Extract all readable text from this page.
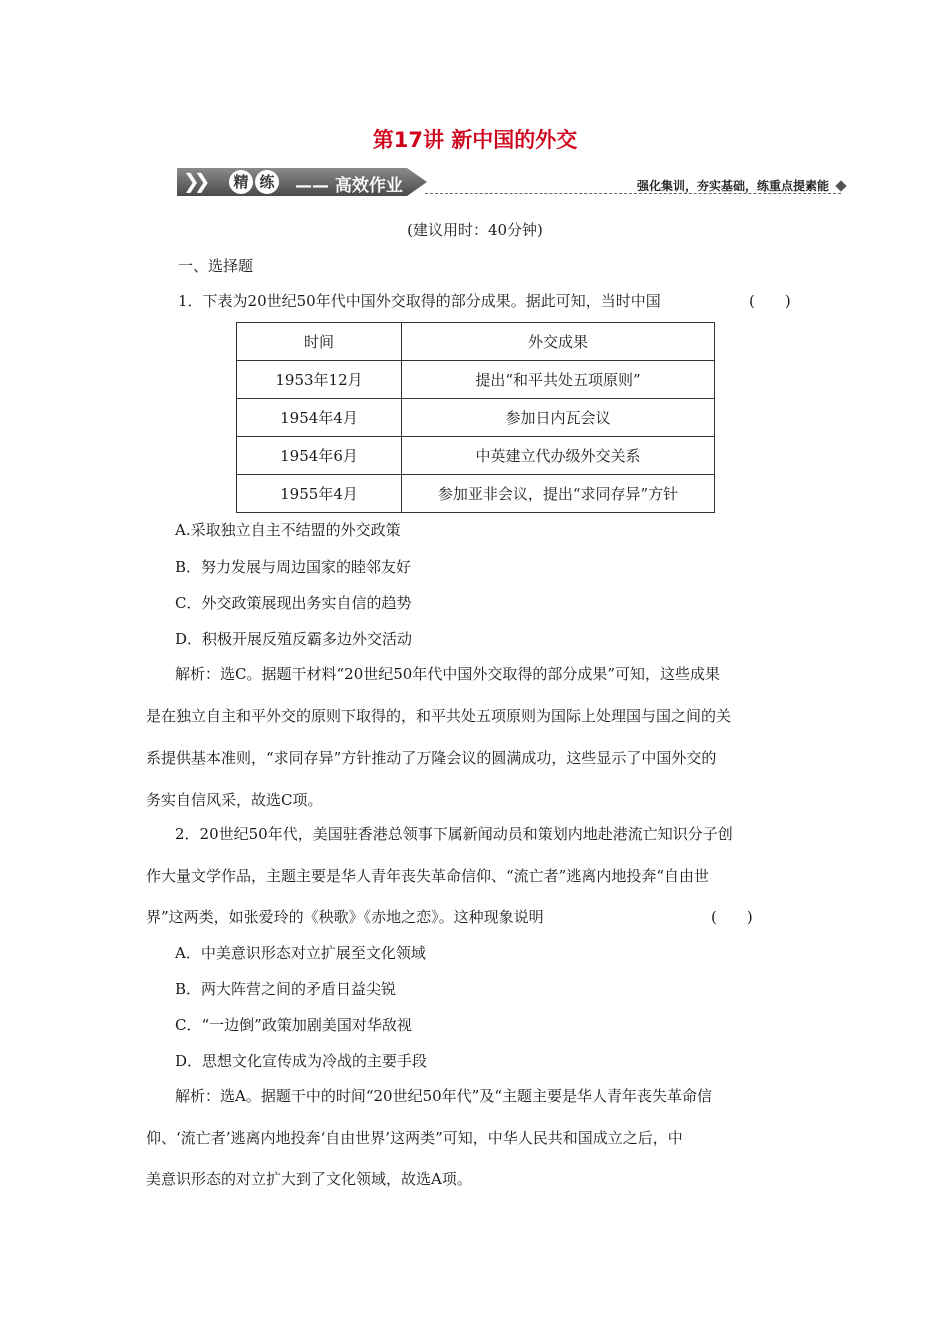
第17讲 新中国的外交
❯❯ 精 练 —— 高效作业	强化集训，夯实基础，练重点提素能
(建议用时：40分钟)
一、选择题
1．下表为20世纪50年代中国外交取得的部分成果。据此可知，当时中国	(　　)
时间	外交成果
1953年12月	提出“和平共处五项原则”
1954年4月	参加日内瓦会议
1954年6月	中英建立代办级外交关系
1955年4月	参加亚非会议，提出“求同存异”方针
A.采取独立自主不结盟的外交政策
B．努力发展与周边国家的睦邻友好
C．外交政策展现出务实自信的趋势
D．积极开展反殖反霸多边外交活动
解析：选C。据题干材料“20世纪50年代中国外交取得的部分成果”可知，这些成果
是在独立自主和平外交的原则下取得的，和平共处五项原则为国际上处理国与国之间的关
系提供基本准则，“求同存异”方针推动了万隆会议的圆满成功，这些显示了中国外交的
务实自信风采，故选C项。
2．20世纪50年代，美国驻香港总领事下属新闻动员和策划内地赴港流亡知识分子创
作大量文学作品，主题主要是华人青年丧失革命信仰、“流亡者”逃离内地投奔“自由世
界”这两类，如张爱玲的《秧歌》《赤地之恋》。这种现象说明	(　　)
A．中美意识形态对立扩展至文化领域
B．两大阵营之间的矛盾日益尖锐
C．“一边倒”政策加剧美国对华敌视
D．思想文化宣传成为冷战的主要手段
解析：选A。据题干中的时间“20世纪50年代”及“主题主要是华人青年丧失革命信
仰、‘流亡者’逃离内地投奔‘自由世界’这两类”可知，中华人民共和国成立之后，中
美意识形态的对立扩大到了文化领域，故选A项。
